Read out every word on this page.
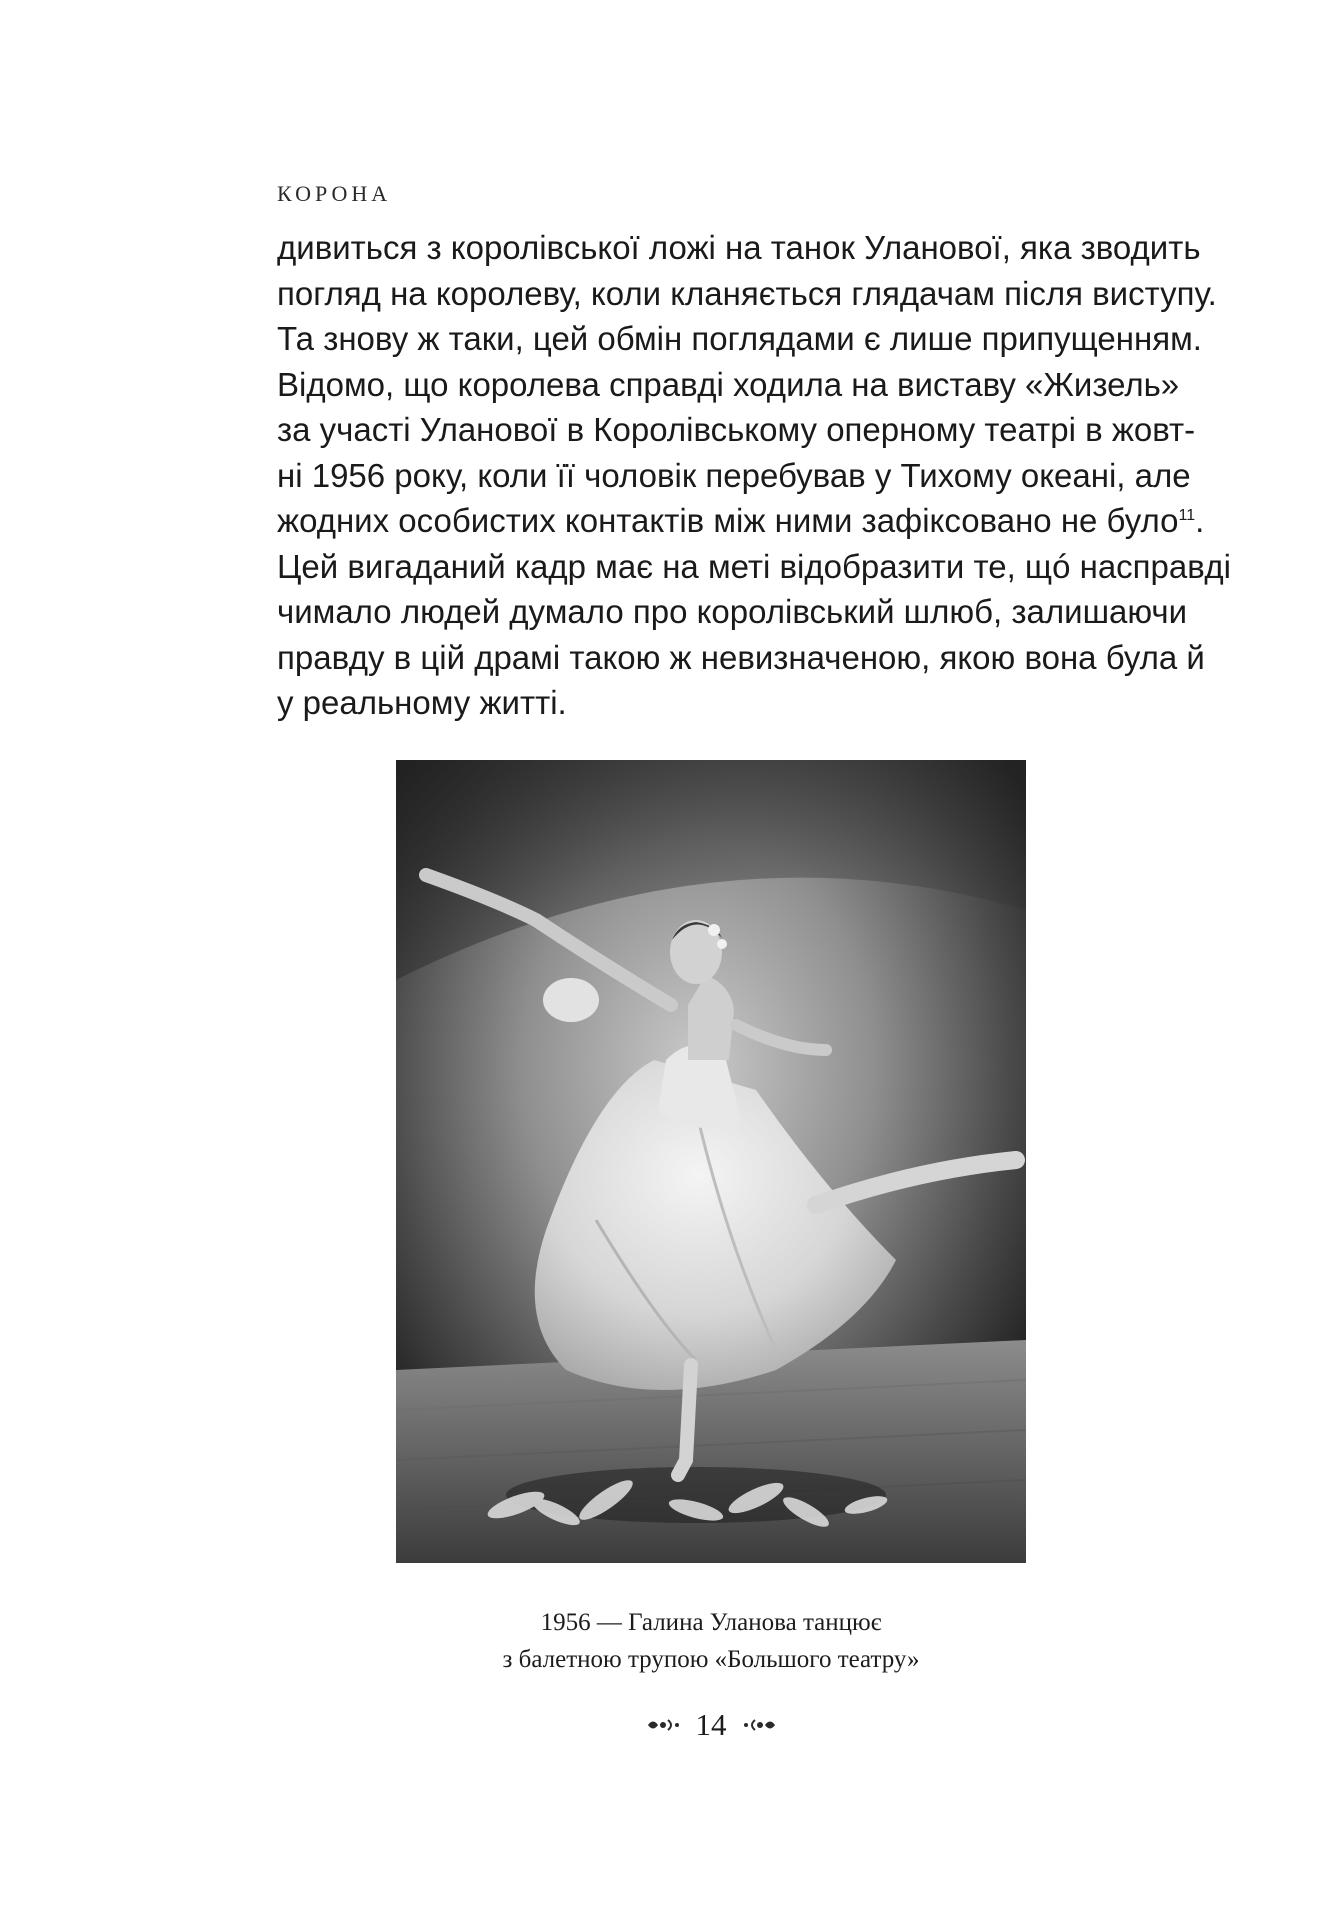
КОРОНА
дивиться з королівської ложі на танок Уланової, яка зводить
погляд на королеву, коли кланяється глядачам після виступу.
Та знову ж таки, цей обмін поглядами є лише припущенням.
Відомо, що королева справді ходила на виставу «Жизель»
за участі Уланової в Королівському оперному театрі в жовт-
ні 1956 року, коли її чоловік перебував у Тихому океані, але
жодних особистих контактів між ними зафіксовано не було$^{11}$.
Цей вигаданий кадр має на меті відобразити те, щó насправді
чимало людей думало про королівський шлюб, залишаючи
правду в цій драмі такою ж невизначеною, якою вона була й
у реальному житті.
1956 — Галина Уланова танцює
з балетною трупою «Большого театру»
14
